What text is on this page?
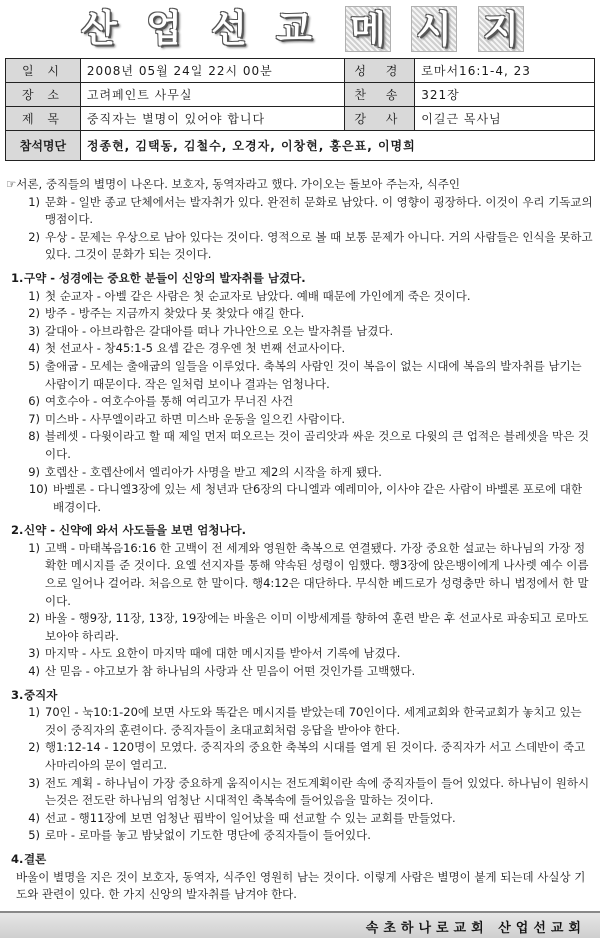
산 업 선 교 메 시 지
일 시	2008년 05월 24일 22시 00분	성 경	로마서16:1-4, 23
장 소	고려페인트 사무실	찬 송	321장
제 목	중직자는 별명이 있어야 합니다	강 사	이길근 목사님
참석명단	정종현, 김택동, 김철수, 오경자, 이창현, 홍은표, 이명희		
☞서론, 중직들의 별명이 나온다. 보호자, 동역자라고 했다. 가이오는 돌보아 주는자, 식주인
1) 문화 - 일반 종교 단체에서는 발자취가 있다. 완전히 문화로 남았다. 이 영향이 굉장하다. 이것이 우리 기독교의 맹점이다.
2) 우상 - 문제는 우상으로 남아 있다는 것이다. 영적으로 볼 때 보통 문제가 아니다. 거의 사람들은 인식을 못하고 있다. 그것이 문화가 되는 것이다.
1. 구약 - 성경에는 중요한 분들이 신앙의 발자취를 남겼다.
1) 첫 순교자 - 아벨 같은 사람은 첫 순교자로 남았다. 예배 때문에 가인에게 죽은 것이다.
2) 방주 - 방주는 지금까지 찾았다 못 찾았다 얘길 한다.
3) 갈대아 - 아브라함은 갈대아를 떠나 가나안으로 오는 발자취를 남겼다.
4) 첫 선교사 - 창45:1-5 요셉 같은 경우엔 첫 번째 선교사이다.
5) 출애굽 - 모세는 출애굽의 일들을 이루었다. 축복의 사람인 것이 복음이 없는 시대에 복음의 발자취를 남기는 사람이기 때문이다. 작은 일처럼 보이나 결과는 엄청나다.
6) 여호수아 - 여호수아를 통해 여리고가 무너진 사건
7) 미스바 - 사무엘이라고 하면 미스바 운동을 일으킨 사람이다.
8) 블레셋 - 다윗이라고 할 때 제일 먼저 떠오르는 것이 골리앗과 싸운 것으로 다윗의 큰 업적은 블레셋을 막은 것이다.
9) 호렙산 - 호렙산에서 엘리아가 사명을 받고 제2의 시작을 하게 됐다.
10) 바벨론 - 다니엘3장에 있는 세 청년과 단6장의 다니엘과 예레미아, 이사야 같은 사람이 바벨론 포로에 대한 배경이다.
2. 신약 - 신약에 와서 사도들을 보면 엄청나다.
1) 고백 - 마태복음16:16 한 고백이 전 세계와 영원한 축복으로 연결됐다. 가장 중요한 설교는 하나님의 가장 정확한 메시지를 준 것이다. 요엘 선지자를 통해 약속된 성령이 임했다. 행3장에 앉은뱅이에게 나사렛 예수 이름으로 일어나 걸어라. 처음으로 한 말이다. 행4:12은 대단하다. 무식한 베드로가 성령충만 하니 법정에서 한 말이다.
2) 바울 - 행9장, 11장, 13장, 19장에는 바울은 이미 이방세계를 향하여 훈련 받은 후 선교사로 파송되고 로마도 보아야 하리라.
3) 마지막 - 사도 요한이 마지막 때에 대한 메시지를 받아서 기록에 남겼다.
4) 산 믿음 - 야고보가 참 하나님의 사랑과 산 믿음이 어떤 것인가를 고백했다.
3. 중직자
1) 70인 - 눅10:1-20에 보면 사도와 똑같은 메시지를 받았는데 70인이다. 세계교회와 한국교회가 놓치고 있는 것이 중직자의 훈련이다. 중직자들이 초대교회처럼 응답을 받아야 한다.
2) 행1:12-14 - 120명이 모였다. 중직자의 중요한 축복의 시대를 열게 된 것이다. 중직자가 서고 스데반이 죽고 사마리아의 문이 열리고.
3) 전도 계획 - 하나님이 가장 중요하게 움직이시는 전도계획이란 속에 중직자들이 들어 있었다. 하나님이 원하시는것은 전도란 하나님의 엄청난 시대적인 축복속에 들어있음을 말하는 것이다.
4) 선교 - 행11장에 보면 엄청난 핍박이 일어났을 때 선교할 수 있는 교회를 만들었다.
5) 로마 - 로마를 놓고 밤낮없이 기도한 명단에 중직자들이 들어있다.
4. 결론
바울이 별명을 지은 것이 보호자, 동역자, 식주인 영원히 남는 것이다. 이렇게 사람은 별명이 붙게 되는데 사실상 기도와 관련이 있다. 한 가지 신앙의 발자취를 남겨야 한다.
속초하나로교회 산업선교회
